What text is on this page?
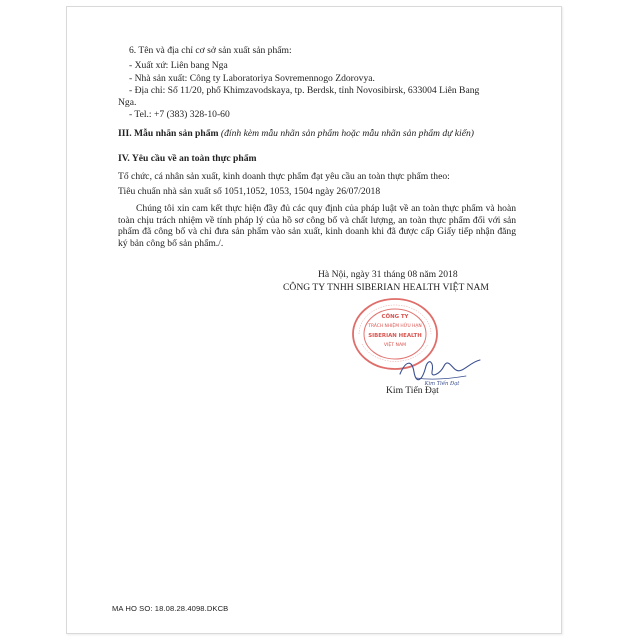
6. Tên và địa chỉ cơ sở sản xuất sản phẩm:
- Xuất xứ: Liên bang Nga
- Nhà sản xuất: Công ty Laboratoriya Sovremennogo Zdorovya.
- Địa chỉ: Số 11/20, phố Khimzavodskaya, tp. Berdsk, tỉnh Novosibirsk, 633004 Liên Bang
Nga.
- Tel.: +7 (383) 328-10-60
III. Mẫu nhãn sản phẩm (đính kèm mẫu nhãn sản phẩm hoặc mẫu nhãn sản phẩm dự kiến)
IV. Yêu cầu về an toàn thực phẩm
Tổ chức, cá nhân sản xuất, kinh doanh thực phẩm đạt yêu cầu an toàn thực phẩm theo:
Tiêu chuẩn nhà sản xuất số 1051,1052, 1053, 1504 ngày 26/07/2018
Chúng tôi xin cam kết thực hiện đầy đủ các quy định của pháp luật về an toàn thực phẩm và hoàn toàn chịu trách nhiệm về tính pháp lý của hồ sơ công bố và chất lượng, an toàn thực phẩm đối với sản phẩm đã công bố và chỉ đưa sản phẩm vào sản xuất, kinh doanh khi đã được cấp Giấy tiếp nhận đăng ký bản công bố sản phẩm./.
Hà Nội, ngày 31 tháng 08 năm 2018
CÔNG TY TNHH SIBERIAN HEALTH VIỆT NAM
CÔNG TY
TRÁCH NHIỆM HỮU HẠN
SIBERIAN HEALTH
VIỆT NAM
Kim Tiến Đạt
Kim Tiến Đạt
MA HO SO: 18.08.28.4098.DKCB
